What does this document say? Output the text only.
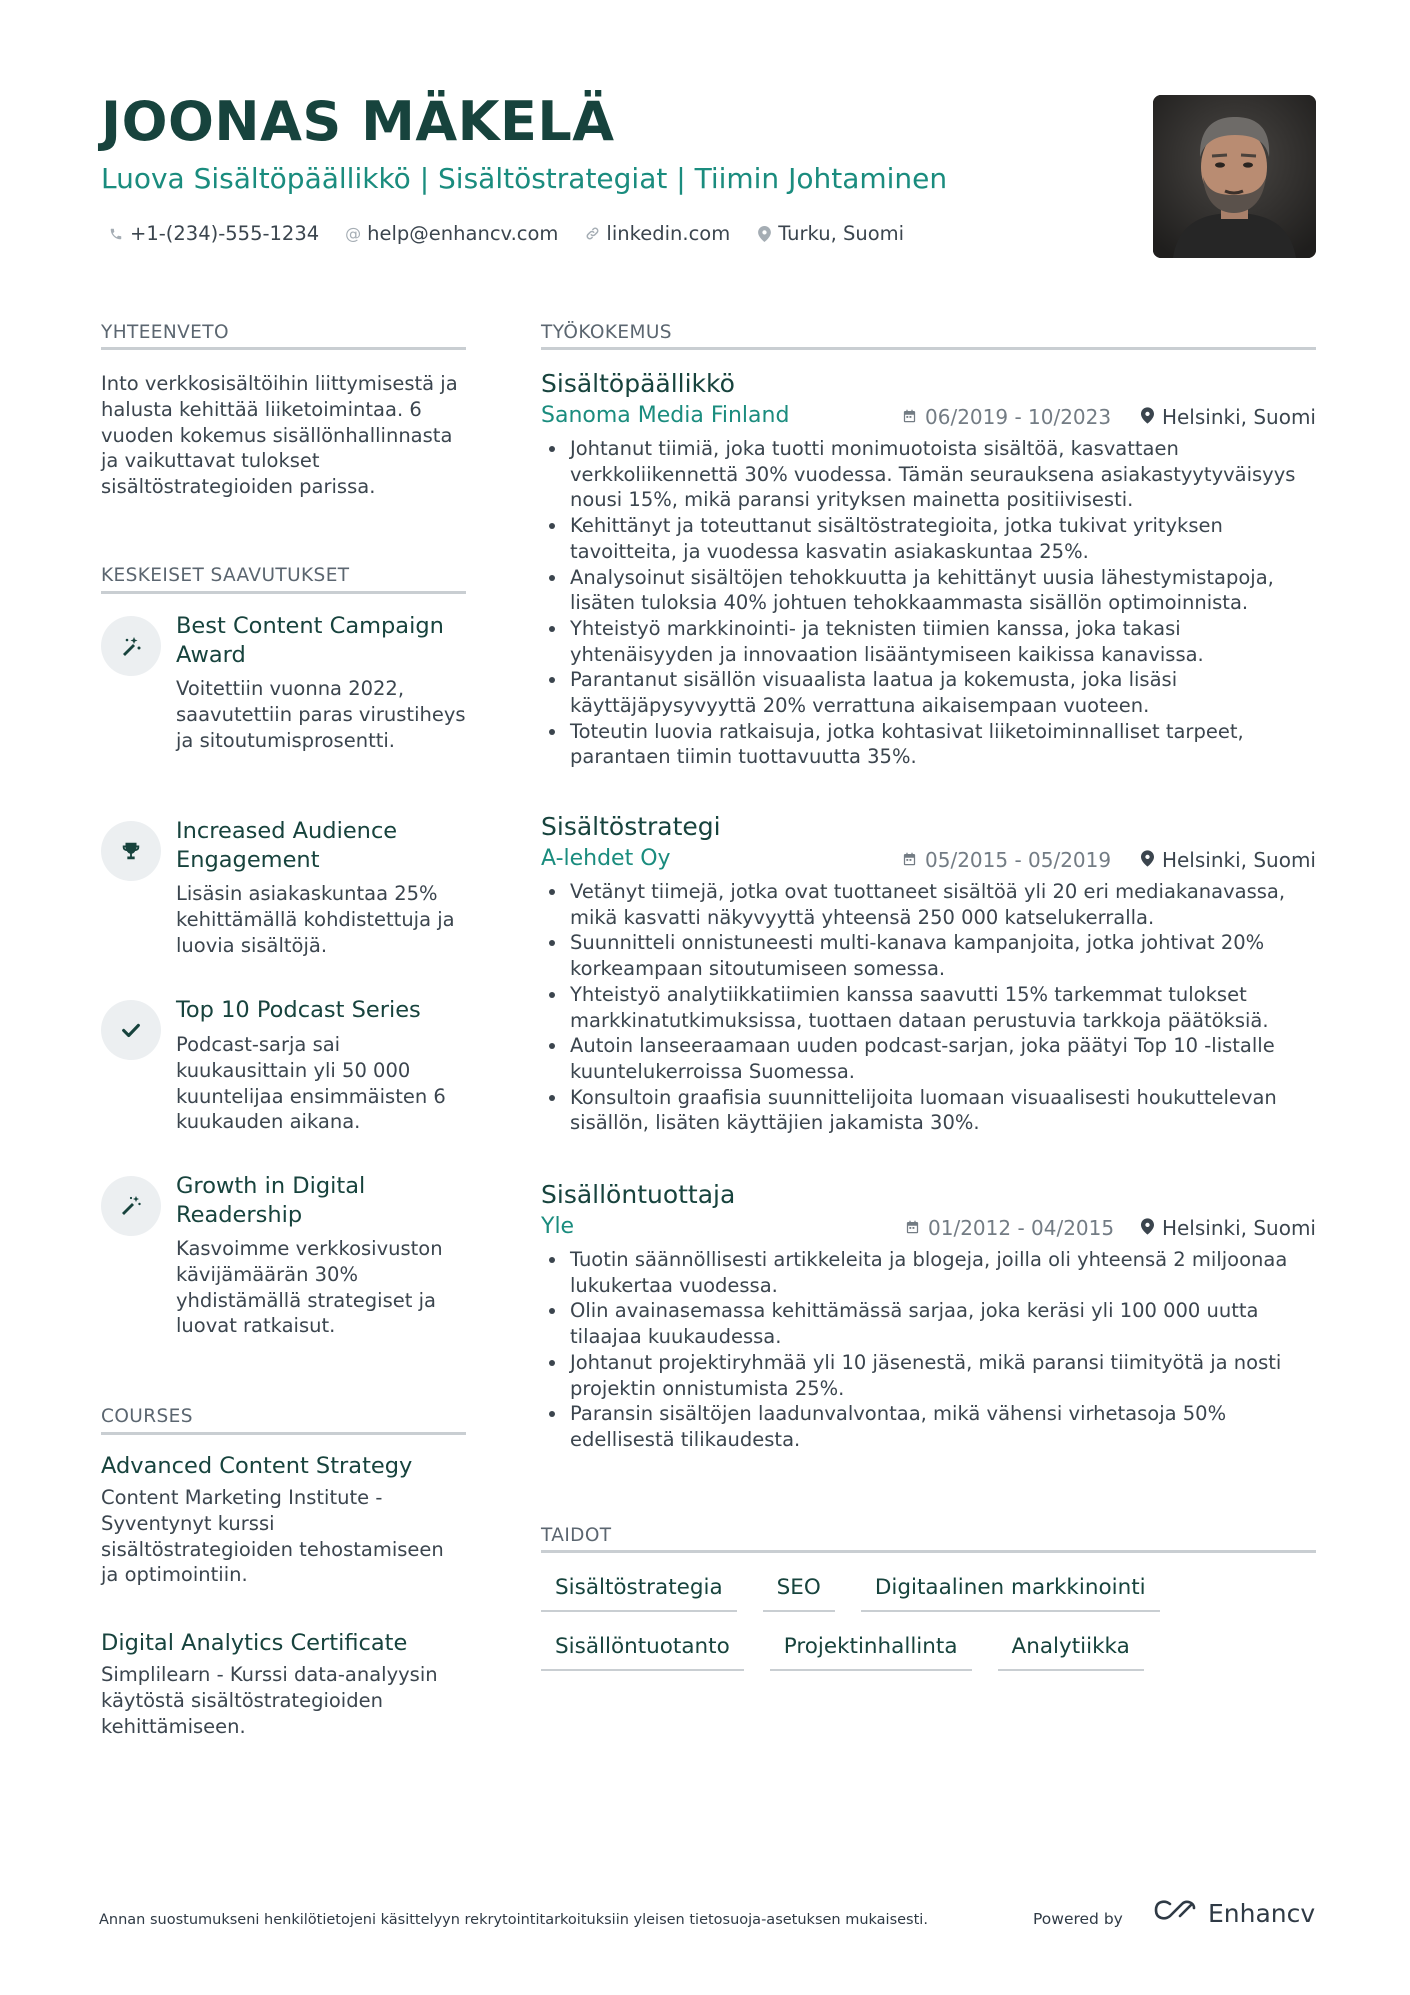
JOONAS MÄKELÄ
Luova Sisältöpäällikkö | Sisältöstrategiat | Tiimin Johtaminen
+1-(234)-555-1234 @ help@enhancv.com linkedin.com Turku, Suomi
YHTEENVETO
Into verkkosisältöihin liittymisestä ja halusta kehittää liiketoimintaa. 6 vuoden kokemus sisällönhallinnasta ja vaikuttavat tulokset sisältöstrategioiden parissa.
KESKEISET SAAVUTUKSET
Best Content Campaign Award
Voitettiin vuonna 2022, saavutettiin paras virustiheys ja sitoutumisprosentti.
Increased Audience Engagement
Lisäsin asiakaskuntaa 25% kehittämällä kohdistettuja ja luovia sisältöjä.
Top 10 Podcast Series
Podcast-sarja sai kuukausittain yli 50 000 kuuntelijaa ensimmäisten 6 kuukauden aikana.
Growth in Digital Readership
Kasvoimme verkkosivuston kävijämäärän 30% yhdistämällä strategiset ja luovat ratkaisut.
COURSES
Advanced Content Strategy
Content Marketing Institute - Syventynyt kurssi sisältöstrategioiden tehostamiseen ja optimointiin.
Digital Analytics Certificate
Simplilearn - Kurssi data-analyysin käytöstä sisältöstrategioiden kehittämiseen.
TYÖKOKEMUS
Sisältöpäällikkö
Sanoma Media Finland	06/2019 - 10/2023	Helsinki, Suomi
Johtanut tiimiä, joka tuotti monimuotoista sisältöä, kasvattaen verkkoliikennettä 30% vuodessa. Tämän seurauksena asiakastyytyväisyys nousi 15%, mikä paransi yrityksen mainetta positiivisesti.
Kehittänyt ja toteuttanut sisältöstrategioita, jotka tukivat yrityksen tavoitteita, ja vuodessa kasvatin asiakaskuntaa 25%.
Analysoinut sisältöjen tehokkuutta ja kehittänyt uusia lähestymistapoja, lisäten tuloksia 40% johtuen tehokkaammasta sisällön optimoinnista.
Yhteistyö markkinointi- ja teknisten tiimien kanssa, joka takasi yhtenäisyyden ja innovaation lisääntymiseen kaikissa kanavissa.
Parantanut sisällön visuaalista laatua ja kokemusta, joka lisäsi käyttäjäpysyvyyttä 20% verrattuna aikaisempaan vuoteen.
Toteutin luovia ratkaisuja, jotka kohtasivat liiketoiminnalliset tarpeet, parantaen tiimin tuottavuutta 35%.
Sisältöstrategi
A-lehdet Oy	05/2015 - 05/2019	Helsinki, Suomi
Vetänyt tiimejä, jotka ovat tuottaneet sisältöä yli 20 eri mediakanavassa, mikä kasvatti näkyvyyttä yhteensä 250 000 katselukerralla.
Suunnitteli onnistuneesti multi-kanava kampanjoita, jotka johtivat 20% korkeampaan sitoutumiseen somessa.
Yhteistyö analytiikkatiimien kanssa saavutti 15% tarkemmat tulokset markkinatutkimuksissa, tuottaen dataan perustuvia tarkkoja päätöksiä.
Autoin lanseeraamaan uuden podcast-sarjan, joka päätyi Top 10 -listalle kuuntelukerroissa Suomessa.
Konsultoin graafisia suunnittelijoita luomaan visuaalisesti houkuttelevan sisällön, lisäten käyttäjien jakamista 30%.
Sisällöntuottaja
Yle	01/2012 - 04/2015 Helsinki, Suomi
Tuotin säännöllisesti artikkeleita ja blogeja, joilla oli yhteensä 2 miljoonaa lukukertaa vuodessa.
Olin avainasemassa kehittämässä sarjaa, joka keräsi yli 100 000 uutta tilaajaa kuukaudessa.
Johtanut projektiryhmää yli 10 jäsenestä, mikä paransi tiimityötä ja nosti projektin onnistumista 25%.
Paransin sisältöjen laadunvalvontaa, mikä vähensi virhetasoja 50% edellisestä tilikaudesta.
TAIDOT
Sisältöstrategia	SEO	Digitaalinen markkinointi
Sisällöntuotanto	Projektinhallinta	Analytiikka
Annan suostumukseni henkilötietojeni käsittelyyn rekrytointitarkoituksiin yleisen tietosuoja-asetuksen mukaisesti.	Powered by	Enhancv
